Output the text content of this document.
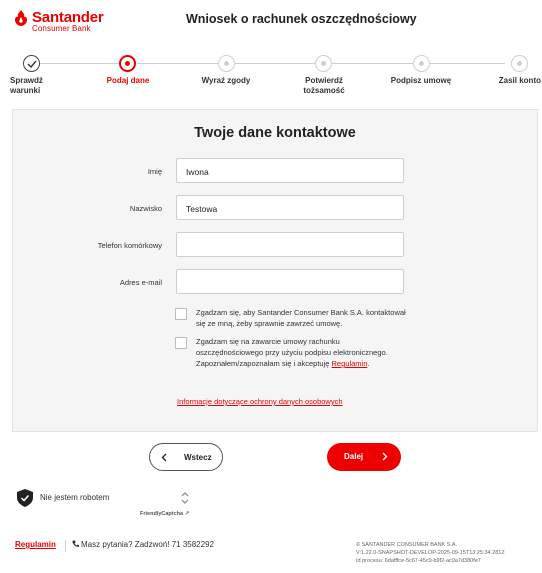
Santander
Consumer Bank
Wniosek o rachunek oszczędnościowy
Sprawdź warunki
Podaj dane	Wyraź zgody	Potwierdź tożsamość
Podpisz umowę	Zasil konto
Twoje dane kontaktowe
Imię	Iwona
Nazwisko	Testowa
Telefon komórkowy
Adres e-mail
Zgadzam się, aby Santander Consumer Bank S.A. kontaktował się ze mną, żeby sprawnie zawrzeć umowę.
Zgadzam się na zawarcie umowy rachunku oszczędnościowego przy użyciu podpisu elektronicznego. Zapoznałem/zapoznałam się i akceptuję Regulamin.
Informacje dotyczące ochrony danych osobowych
Wstecz	Dalej
Nie jestem robotem
FriendlyCaptcha ↗
Regulamin	Masz pytania? Zadzwoń! 71 3582292	© SANTANDER CONSUMER BANK S.A.
V:1.22.0-SNAPSHOT-DEVELOP-2025-09-15T13:25:34.281Z
Id procesu: 6dafffce-5c67-45c9-b9f2-ac0a7d380fe7
